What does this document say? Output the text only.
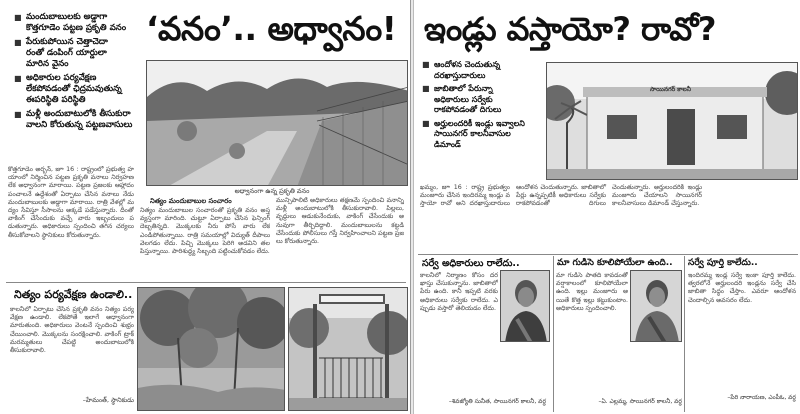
■ మందుబాబులకు అడ్డాగా
కొత్తగూడెం పట్టణ ప్రకృతి వనం
■ పేరుకుపోయిన చెత్తాచెదా
రంతో డంపింగ్ యార్డులా
మారిన వైనం
■ అధికారుల పర్యవేక్షణ
లేకపోవడంతో ఛిద్రమవుతున్న
ఈపరిస్థితి పరిస్థితి
■ మళ్లీ అందుబాటులోకి తీసుకురా
వాలని కోరుతున్న పట్టణవాసులు
‘వనం’.. అధ్వానం!
అధ్వానంగా ఉన్న ప్రకృతి వనం
కొత్తగూడెం అర్బన్, జూ 16 : రాష్ట్రంలో ప్రభుత్వ హయాంలో నిర్మించిన పట్టణ ప్రకృతి వనాలు నిర్వహణ లేక అధ్వానంగా మారాయి. పట్టణ ప్రజలకు ఆహ్లాదం పంచాలనే ఉద్దేశంతో ఏర్పాటు చేసిన వనాలు నేడు మందుబాబులకు అడ్డాగా మారాయి. రాత్రి వేళల్లో మద్యం సేవిస్తూ సీసాలను అక్కడే పడేస్తున్నారు. దీంతో వాకింగ్ చేసేందుకు వచ్చే వారు ఇబ్బందులు పడుతున్నారు. అధికారులు స్పందించి తగిన చర్యలు తీసుకోవాలని స్థానికులు కోరుతున్నారు.
నిత్యం మందుబాబుల సంచారం
నిత్యం మందుబాబుల సంచారంతో ప్రకృతి వనం అస్తవ్యస్తంగా మారింది. చుట్టూ ఏర్పాటు చేసిన ఫెన్సింగ్ దెబ్బతిన్నది. మొక్కలకు నీరు పోసే వారు లేక ఎండిపోతున్నాయి. రాత్రి సమయాల్లో విద్యుత్ దీపాలు వెలగడం లేదు. పిచ్చి మొక్కలు పెరిగి అడవిని తలపిస్తున్నాయి. పారిశుద్ధ్య సిబ్బంది పట్టించుకోవడం లేదు.
మున్సిపాలిటీ అధికారులు తక్షణమే స్పందించి వనాన్ని మళ్లీ అందుబాటులోకి తీసుకురావాలి. పిల్లలు, వృద్ధులు ఆడుకునేందుకు, వాకింగ్ చేసేందుకు అనువుగా తీర్చిదిద్దాలి. మందుబాబులను కట్టడి చేసేందుకు పోలీసులు గస్తీ నిర్వహించాలని పట్టణ ప్రజలు కోరుతున్నారు.
నిత్యం పర్యవేక్షణ ఉండాలి..
కాలనీలో ఏర్పాటు చేసిన ప్రకృతి వనం నిత్యం పర్యవేక్షణ ఉండాలి. లేకపోతే ఇలాగే అధ్వానంగా మారుతుంది. అధికారులు వెంటనే స్పందించి శుభ్రం చేయించాలి. మొక్కలను సంరక్షించాలి. వాకింగ్ ట్రాక్ మరమ్మతులు చేపట్టి అందుబాటులోకి తీసుకురావాలి.
–హేమంత్, స్థానికుడు
ఇండ్లు వస్తాయో? రావో?
■ ఆందోళన చెందుతున్న
దరఖాస్తుదారులు
■ జాబితాలో పేరున్నా
అధికారులు సర్వేకు
రాకపోవడంతో దిగులు
■ అర్హులందరికీ ఇండ్లు ఇవ్వాలని
సాయినగర్ కాలనీవాసుల
డిమాండ్
సాయినగర్ కాలనీ
ఖమ్మం, జూ 16 : రాష్ట్ర ప్రభుత్వం మంజూరు చేసిన ఇందిరమ్మ ఇండ్లు వస్తాయో రావో అని దరఖాస్తుదారులు ఆందోళన చెందుతున్నారు. జాబితాలో పేర్లు ఉన్నప్పటికీ అధికారులు సర్వేకు రాకపోవడంతో దిగులు చెందుతున్నారు. అర్హులందరికీ ఇండ్లు మంజూరు చేయాలని సాయినగర్ కాలనీవాసులు డిమాండ్ చేస్తున్నారు.
సర్వే అధికారులు రాలేదు..
కాలనీలో నిర్మాణం కోసం దరఖాస్తు చేసుకున్నాను. జాబితాలో పేరు ఉంది. కానీ ఇప్పటి వరకు అధికారులు సర్వేకు రాలేదు. ఎప్పుడు వస్తారో తెలియడం లేదు.
–శివజ్యోతి సునీత, సాయినగర్ కాలనీ, వర్ధ
మా గుడిసె కూలిపోయేలా ఉంది..
మా గుడిసె పాతది కావడంతో వర్షాకాలంలో కూలిపోయేలా ఉంది. ఇల్లు మంజూరు అయితే కొత్త ఇల్లు కట్టుకుంటాం. అధికారులు స్పందించాలి.
–ఏ. ఎల్లమ్మ, సాయినగర్ కాలనీ, వర్ధ
సర్వే పూర్తి కాలేదు..
ఇందిరమ్మ ఇండ్ల సర్వే ఇంకా పూర్తి కాలేదు. త్వరలోనే అర్హులందరి ఇండ్లను సర్వే చేసి జాబితా సిద్ధం చేస్తాం. ఎవరూ ఆందోళన చెందాల్సిన అవసరం లేదు.
–పేరి నారాయణ, ఎంపీఓ, వర్ధ
